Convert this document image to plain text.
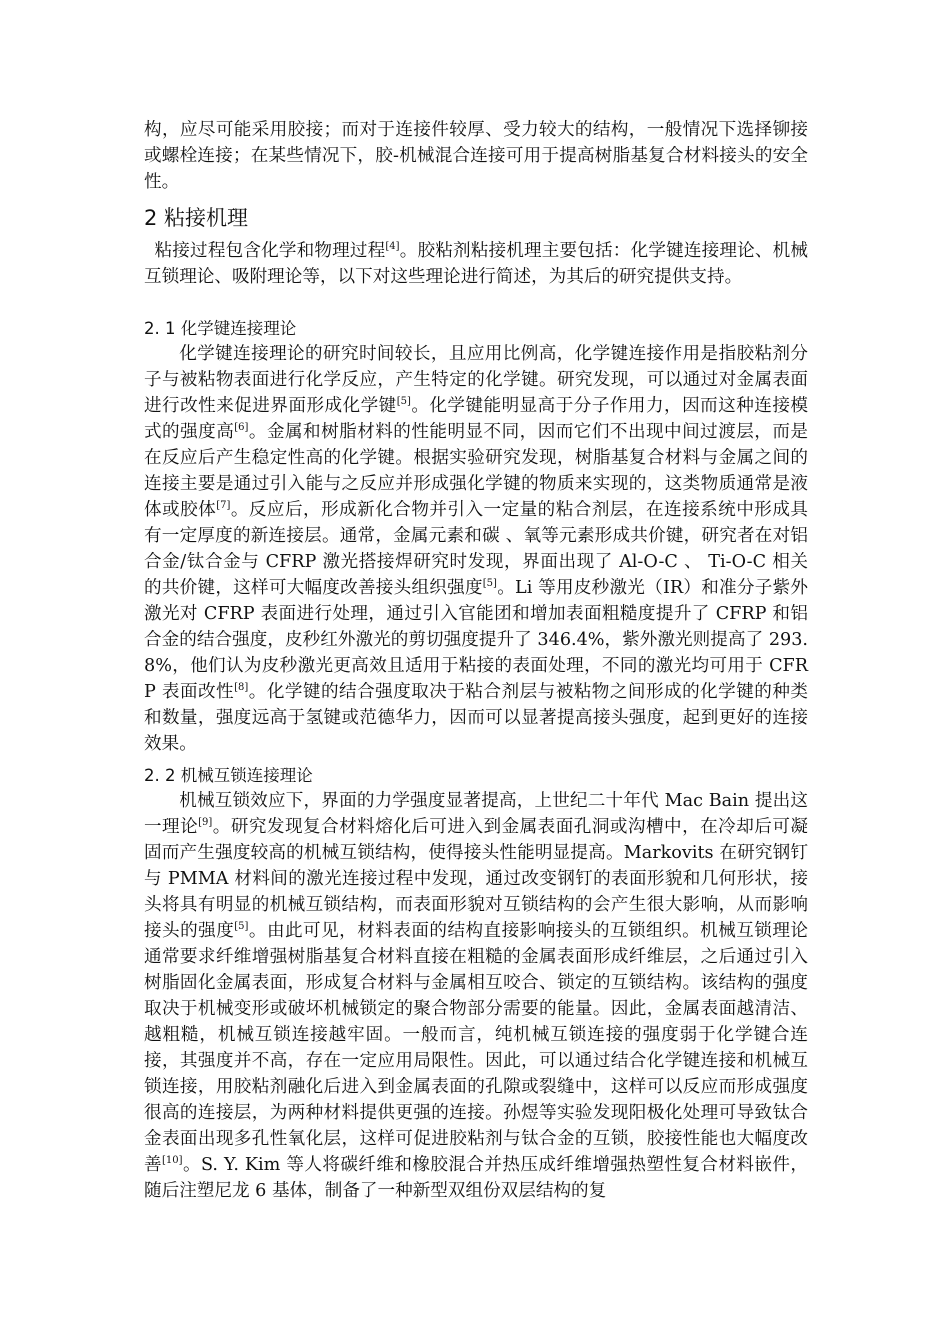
构，应尽可能采用胶接；而对于连接件较厚、受力较大的结构，一般情况下选择铆接或螺栓连接；在某些情况下，胶-机械混合连接可用于提高树脂基复合材料接头的安全性。

2 粘接机理

粘接过程包含化学和物理过程[4]。胶粘剂粘接机理主要包括：化学键连接理论、机械互锁理论、吸附理论等，以下对这些理论进行简述，为其后的研究提供支持。

2. 1 化学键连接理论

化学键连接理论的研究时间较长，且应用比例高，化学键连接作用是指胶粘剂分子与被粘物表面进行化学反应，产生特定的化学键。研究发现，可以通过对金属表面进行改性来促进界面形成化学键[5]。化学键能明显高于分子作用力，因而这种连接模式的强度高[6]。金属和树脂材料的性能明显不同，因而它们不出现中间过渡层，而是在反应后产生稳定性高的化学键。根据实验研究发现，树脂基复合材料与金属之间的连接主要是通过引入能与之反应并形成强化学键的物质来实现的，这类物质通常是液体或胶体[7]。反应后，形成新化合物并引入一定量的粘合剂层，在连接系统中形成具有一定厚度的新连接层。通常，金属元素和碳 、氧等元素形成共价键，研究者在对铝合金/钛合金与 CFRP 激光搭接焊研究时发现，界面出现了 Al-O-C 、 Ti-O-C 相关的共价键，这样可大幅度改善接头组织强度[5]。Li 等用皮秒激光（IR）和准分子紫外激光对 CFRP 表面进行处理，通过引入官能团和增加表面粗糙度提升了 CFRP 和铝合金的结合强度，皮秒红外激光的剪切强度提升了 346.4%，紫外激光则提高了 293.8%，他们认为皮秒激光更高效且适用于粘接的表面处理，不同的激光均可用于 CFRP 表面改性[8]。化学键的结合强度取决于粘合剂层与被粘物之间形成的化学键的种类和数量，强度远高于氢键或范德华力，因而可以显著提高接头强度，起到更好的连接效果。

2. 2 机械互锁连接理论

机械互锁效应下，界面的力学强度显著提高，上世纪二十年代 Mac Bain 提出这一理论[9]。研究发现复合材料熔化后可进入到金属表面孔洞或沟槽中，在冷却后可凝固而产生强度较高的机械互锁结构，使得接头性能明显提高。Markovits 在研究钢钉与 PMMA 材料间的激光连接过程中发现，通过改变钢钉的表面形貌和几何形状，接头将具有明显的机械互锁结构，而表面形貌对互锁结构的会产生很大影响，从而影响接头的强度[5]。由此可见，材料表面的结构直接影响接头的互锁组织。机械互锁理论通常要求纤维增强树脂基复合材料直接在粗糙的金属表面形成纤维层，之后通过引入树脂固化金属表面，形成复合材料与金属相互咬合、锁定的互锁结构。该结构的强度取决于机械变形或破坏机械锁定的聚合物部分需要的能量。因此，金属表面越清洁、越粗糙，机械互锁连接越牢固。一般而言，纯机械互锁连接的强度弱于化学键合连接，其强度并不高，存在一定应用局限性。因此，可以通过结合化学键连接和机械互锁连接，用胶粘剂融化后进入到金属表面的孔隙或裂缝中，这样可以反应而形成强度很高的连接层，为两种材料提供更强的连接。孙煜等实验发现阳极化处理可导致钛合金表面出现多孔性氧化层，这样可促进胶粘剂与钛合金的互锁，胶接性能也大幅度改善[10]。S. Y. Kim 等人将碳纤维和橡胶混合并热压成纤维增强热塑性复合材料嵌件，随后注塑尼龙 6 基体，制备了一种新型双组份双层结构的复
